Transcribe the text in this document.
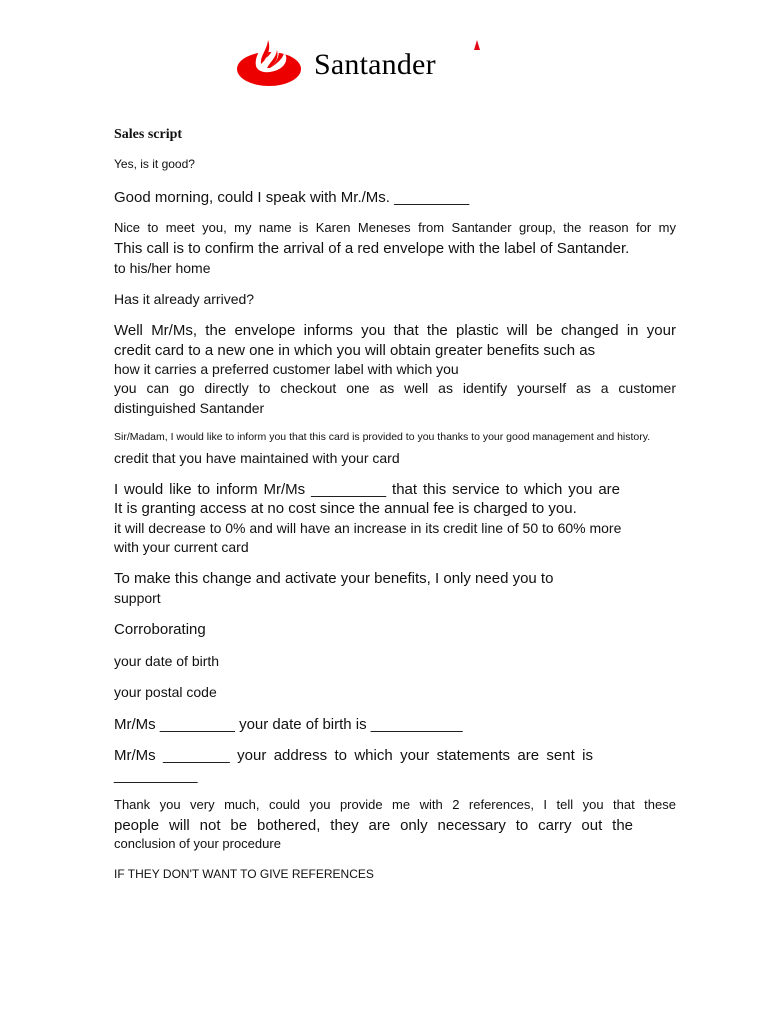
Santander
Sales script
Yes, is it good?
Good morning, could I speak with Mr./Ms. _________
Nice to meet you, my name is Karen Meneses from Santander group, the reason for my
This call is to confirm the arrival of a red envelope with the label of Santander.
to his/her home
Has it already arrived?
Well Mr/Ms, the envelope informs you that the plastic will be changed in your
credit card to a new one in which you will obtain greater benefits such as
how it carries a preferred customer label with which you
you can go directly to checkout one as well as identify yourself as a customer
distinguished Santander
Sir/Madam, I would like to inform you that this card is provided to you thanks to your good management and history.
credit that you have maintained with your card
I would like to inform Mr/Ms _________ that this service to which you are
It is granting access at no cost since the annual fee is charged to you.
it will decrease to 0% and will have an increase in its credit line of 50 to 60% more
with your current card
To make this change and activate your benefits, I only need you to
support
Corroborating
your date of birth
your postal code
Mr/Ms _________ your date of birth is ___________
Mr/Ms ________ your address to which your statements are sent is
__________
Thank you very much, could you provide me with 2 references, I tell you that these
people will not be bothered, they are only necessary to carry out the
conclusion of your procedure
IF THEY DON'T WANT TO GIVE REFERENCES
